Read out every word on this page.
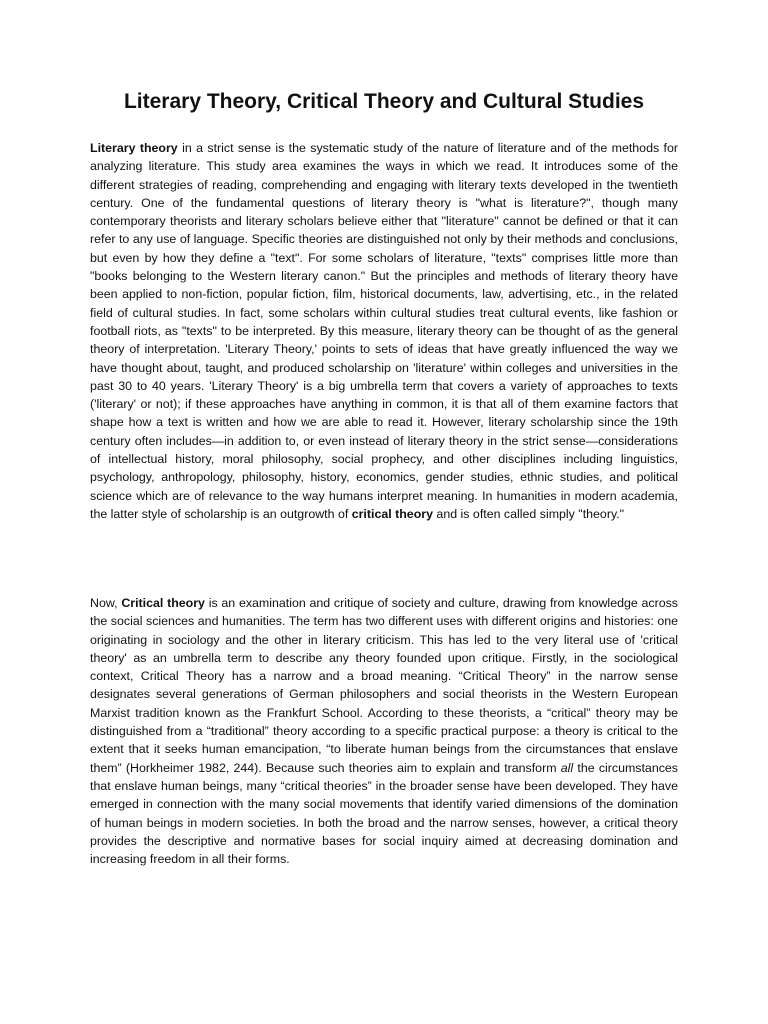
Literary Theory, Critical Theory and Cultural Studies

Literary theory in a strict sense is the systematic study of the nature of literature and of the methods for analyzing literature. This study area examines the ways in which we read. It introduces some of the different strategies of reading, comprehending and engaging with literary texts developed in the twentieth century. One of the fundamental questions of literary theory is "what is literature?", though many contemporary theorists and literary scholars believe either that "literature" cannot be defined or that it can refer to any use of language. Specific theories are distinguished not only by their methods and conclusions, but even by how they define a "text". For some scholars of literature, "texts" comprises little more than "books belonging to the Western literary canon." But the principles and methods of literary theory have been applied to non-fiction, popular fiction, film, historical documents, law, advertising, etc., in the related field of cultural studies. In fact, some scholars within cultural studies treat cultural events, like fashion or football riots, as "texts" to be interpreted. By this measure, literary theory can be thought of as the general theory of interpretation. 'Literary Theory,' points to sets of ideas that have greatly influenced the way we have thought about, taught, and produced scholarship on 'literature' within colleges and universities in the past 30 to 40 years. 'Literary Theory' is a big umbrella term that covers a variety of approaches to texts ('literary' or not); if these approaches have anything in common, it is that all of them examine factors that shape how a text is written and how we are able to read it. However, literary scholarship since the 19th century often includes—in addition to, or even instead of literary theory in the strict sense—considerations of intellectual history, moral philosophy, social prophecy, and other disciplines including linguistics, psychology, anthropology, philosophy, history, economics, gender studies, ethnic studies, and political science which are of relevance to the way humans interpret meaning. In humanities in modern academia, the latter style of scholarship is an outgrowth of critical theory and is often called simply "theory."

Now, Critical theory is an examination and critique of society and culture, drawing from knowledge across the social sciences and humanities. The term has two different uses with different origins and histories: one originating in sociology and the other in literary criticism. This has led to the very literal use of 'critical theory' as an umbrella term to describe any theory founded upon critique. Firstly, in the sociological context, Critical Theory has a narrow and a broad meaning. “Critical Theory” in the narrow sense designates several generations of German philosophers and social theorists in the Western European Marxist tradition known as the Frankfurt School. According to these theorists, a “critical” theory may be distinguished from a “traditional” theory according to a specific practical purpose: a theory is critical to the extent that it seeks human emancipation, “to liberate human beings from the circumstances that enslave them” (Horkheimer 1982, 244). Because such theories aim to explain and transform all the circumstances that enslave human beings, many “critical theories” in the broader sense have been developed. They have emerged in connection with the many social movements that identify varied dimensions of the domination of human beings in modern societies. In both the broad and the narrow senses, however, a critical theory provides the descriptive and normative bases for social inquiry aimed at decreasing domination and increasing freedom in all their forms.
